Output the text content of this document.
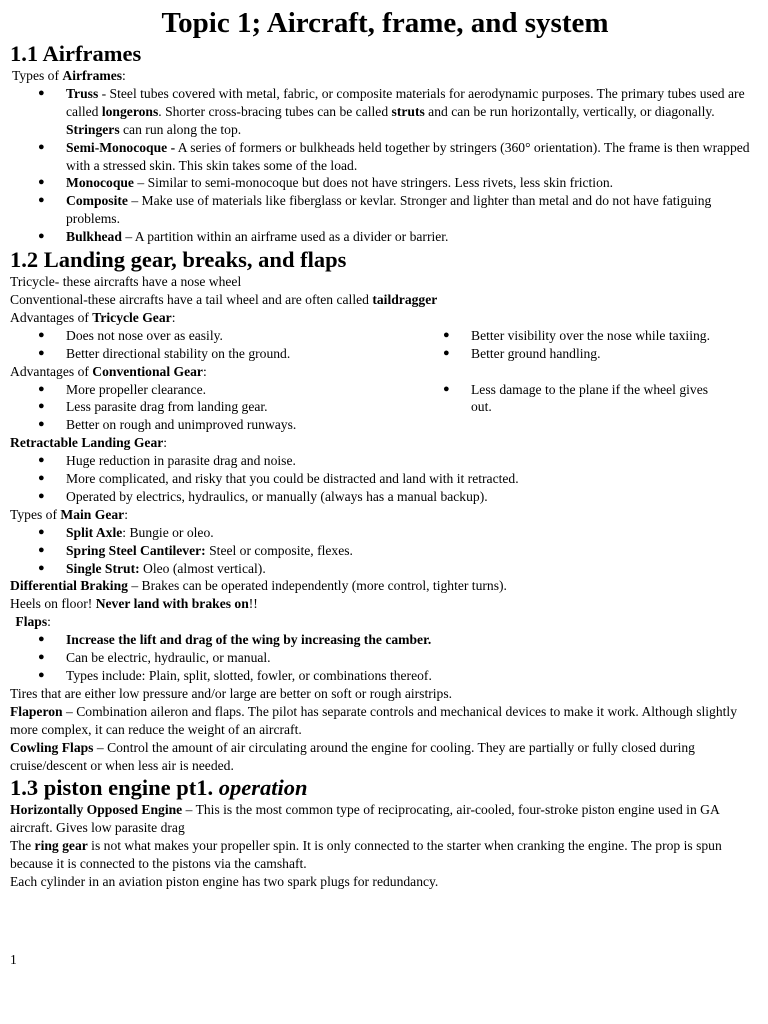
Topic 1; Aircraft, frame, and system
1.1 Airframes

Types of Airframes:

● Truss - Steel tubes covered with metal, fabric, or composite materials for aerodynamic purposes. The primary tubes used are called longerons. Shorter cross-bracing tubes can be called struts and can be run horizontally, vertically, or diagonally. Stringers can run along the top.
● Semi-Monocoque - A series of formers or bulkheads held together by stringers (360° orientation). The frame is then wrapped with a stressed skin. This skin takes some of the load.
● Monocoque – Similar to semi-monocoque but does not have stringers. Less rivets, less skin friction.
● Composite – Make use of materials like fiberglass or kevlar. Stronger and lighter than metal and do not have fatiguing problems.
● Bulkhead – A partition within an airframe used as a divider or barrier.
1.2 Landing gear, breaks, and flaps

Tricycle- these aircrafts have a nose wheel

Conventional-these aircrafts have a tail wheel and are often called taildragger

Advantages of Tricycle Gear:

● Does not nose over as easily.
● Better directional stability on the ground.
● Better visibility over the nose while taxiing.
● Better ground handling.

Advantages of Conventional Gear:

● More propeller clearance.
● Less parasite drag from landing gear.
● Better on rough and unimproved runways.
● Less damage to the plane if the wheel gives out.

Retractable Landing Gear:

● Huge reduction in parasite drag and noise.
● More complicated, and risky that you could be distracted and land with it retracted.
● Operated by electrics, hydraulics, or manually (always has a manual backup).

Types of Main Gear:

● Split Axle: Bungie or oleo.
● Spring Steel Cantilever: Steel or composite, flexes.
● Single Strut: Oleo (almost vertical).

Differential Braking – Brakes can be operated independently (more control, tighter turns).

Heels on floor! Never land with brakes on!!

Flaps:

● Increase the lift and drag of the wing by increasing the camber.
● Can be electric, hydraulic, or manual.
● Types include: Plain, split, slotted, fowler, or combinations thereof.

Tires that are either low pressure and/or large are better on soft or rough airstrips.

Flaperon – Combination aileron and flaps. The pilot has separate controls and mechanical devices to make it work. Although slightly more complex, it can reduce the weight of an aircraft.

Cowling Flaps – Control the amount of air circulating around the engine for cooling. They are partially or fully closed during cruise/descent or when less air is needed.

1.3 piston engine pt1. operation

Horizontally Opposed Engine – This is the most common type of reciprocating, air-cooled, four-stroke piston engine used in GA aircraft. Gives low parasite drag

The ring gear is not what makes your propeller spin. It is only connected to the starter when cranking the engine. The prop is spun because it is connected to the pistons via the camshaft.

Each cylinder in an aviation piston engine has two spark plugs for redundancy.

1
